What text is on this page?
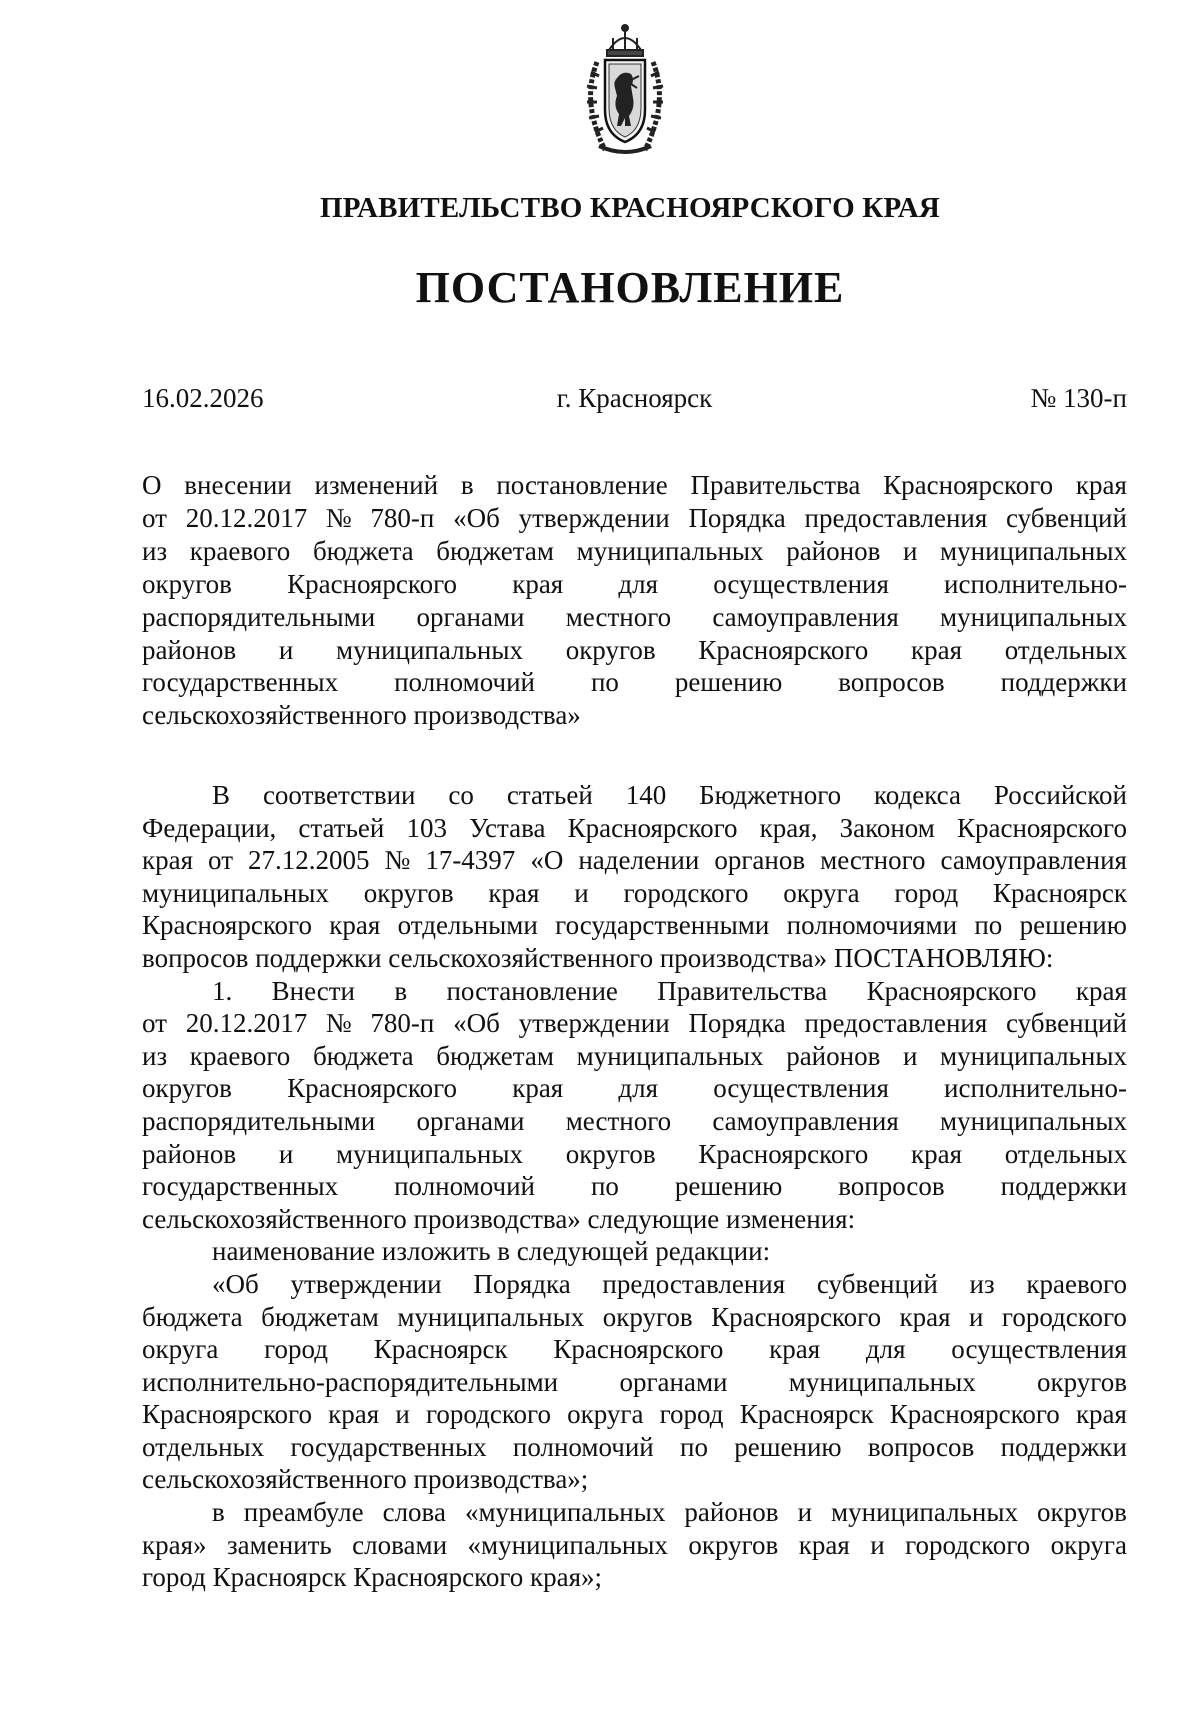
ПРАВИТЕЛЬСТВО КРАСНОЯРСКОГО КРАЯ
ПОСТАНОВЛЕНИЕ
г. Красноярск
16.02.2026	№ 130-п
О внесении изменений в постановление Правительства Красноярского края
от 20.12.2017 № 780-п «Об утверждении Порядка предоставления субвенций
из краевого бюджета бюджетам муниципальных районов и муниципальных
округов Красноярского края для осуществления исполнительно-
распорядительными органами местного самоуправления муниципальных
районов и муниципальных округов Красноярского края отдельных
государственных полномочий по решению вопросов поддержки
сельскохозяйственного производства»
В соответствии со статьей 140 Бюджетного кодекса Российской
Федерации, статьей 103 Устава Красноярского края, Законом Красноярского
края от 27.12.2005 № 17-4397 «О наделении органов местного самоуправления
муниципальных округов края и городского округа город Красноярск
Красноярского края отдельными государственными полномочиями по решению
вопросов поддержки сельскохозяйственного производства» ПОСТАНОВЛЯЮ:
1. Внести в постановление Правительства Красноярского края
от 20.12.2017 № 780-п «Об утверждении Порядка предоставления субвенций
из краевого бюджета бюджетам муниципальных районов и муниципальных
округов Красноярского края для осуществления исполнительно-
распорядительными органами местного самоуправления муниципальных
районов и муниципальных округов Красноярского края отдельных
государственных полномочий по решению вопросов поддержки
сельскохозяйственного производства» следующие изменения:
наименование изложить в следующей редакции:
«Об утверждении Порядка предоставления субвенций из краевого
бюджета бюджетам муниципальных округов Красноярского края и городского
округа город Красноярск Красноярского края для осуществления
исполнительно-распорядительными органами муниципальных округов
Красноярского края и городского округа город Красноярск Красноярского края
отдельных государственных полномочий по решению вопросов поддержки
сельскохозяйственного производства»;
в преамбуле слова «муниципальных районов и муниципальных округов
края» заменить словами «муниципальных округов края и городского округа
город Красноярск Красноярского края»;
